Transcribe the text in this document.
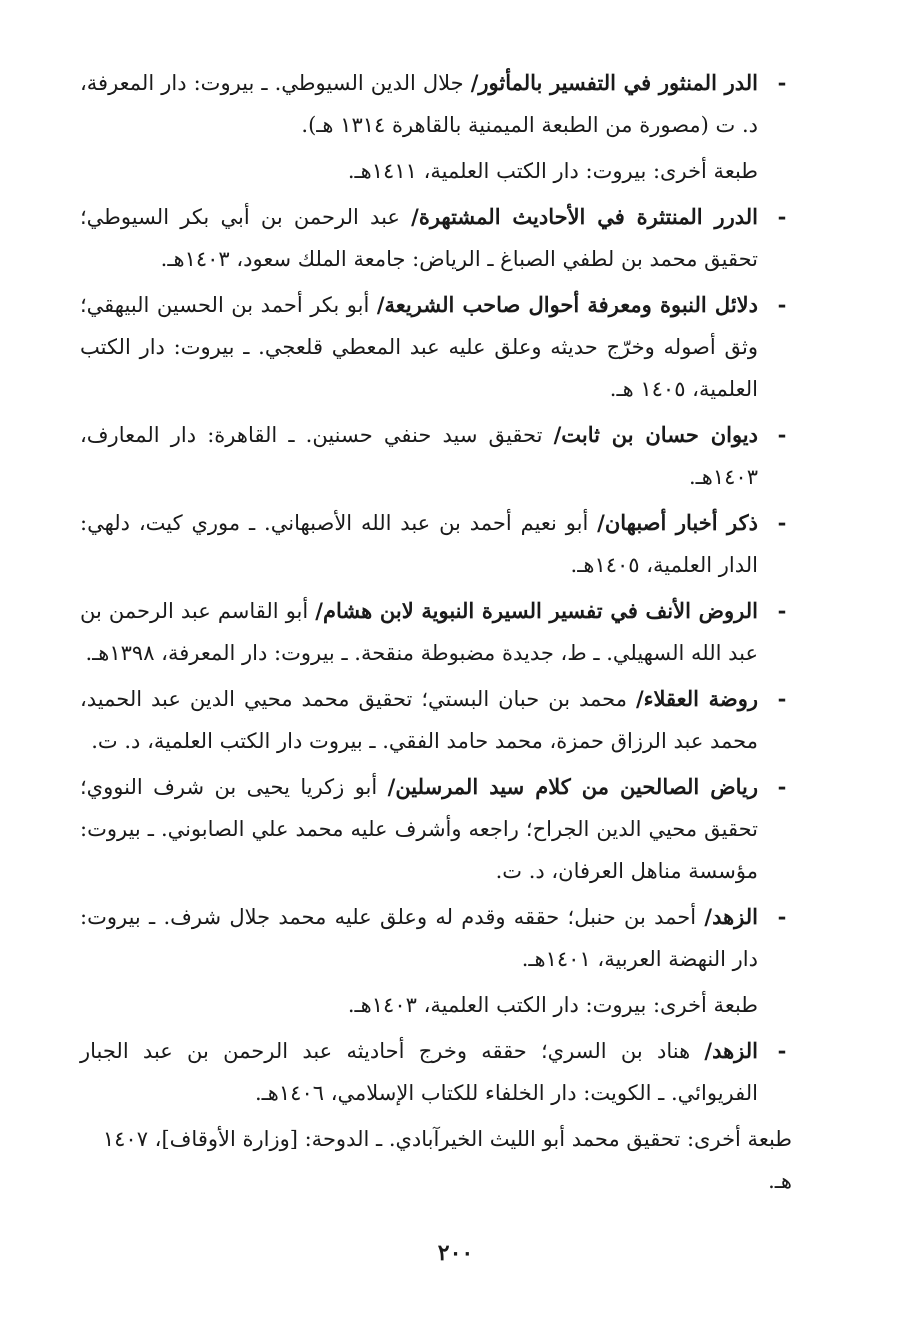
-
الدر المنثور في التفسير بالمأثور/ جلال الدين السيوطي. ـ بيروت: دار المعرفة، د. ت (مصورة من الطبعة الميمنية بالقاهرة ١٣١٤ هـ).
طبعة أخرى: بيروت: دار الكتب العلمية، ١٤١١هـ.
-
الدرر المنتثرة في الأحاديث المشتهرة/ عبد الرحمن بن أبي بكر السيوطي؛ تحقيق محمد بن لطفي الصباغ ـ الرياض: جامعة الملك سعود، ١٤٠٣هـ.
-
دلائل النبوة ومعرفة أحوال صاحب الشريعة/ أبو بكر أحمد بن الحسين البيهقي؛ وثق أصوله وخرّج حديثه وعلق عليه عبد المعطي قلعجي. ـ بيروت: دار الكتب العلمية، ١٤٠٥ هـ.
-
ديوان حسان بن ثابت/ تحقيق سيد حنفي حسنين. ـ القاهرة: دار المعارف، ١٤٠٣هـ.
-
ذكر أخبار أصبهان/ أبو نعيم أحمد بن عبد الله الأصبهاني. ـ موري كيت، دلهي: الدار العلمية، ١٤٠٥هـ.
-
الروض الأنف في تفسير السيرة النبوية لابن هشام/ أبو القاسم عبد الرحمن بن عبد الله السهيلي. ـ ط، جديدة مضبوطة منقحة. ـ بيروت: دار المعرفة، ١٣٩٨هـ.
-
روضة العقلاء/ محمد بن حبان البستي؛ تحقيق محمد محيي الدين عبد الحميد، محمد عبد الرزاق حمزة، محمد حامد الفقي. ـ بيروت دار الكتب العلمية، د. ت.
-
رياض الصالحين من كلام سيد المرسلين/ أبو زكريا يحيى بن شرف النووي؛ تحقيق محيي الدين الجراح؛ راجعه وأشرف عليه محمد علي الصابوني. ـ بيروت: مؤسسة مناهل العرفان، د. ت.
-
الزهد/ أحمد بن حنبل؛ حققه وقدم له وعلق عليه محمد جلال شرف. ـ بيروت: دار النهضة العربية، ١٤٠١هـ.
طبعة أخرى: بيروت: دار الكتب العلمية، ١٤٠٣هـ.
-
الزهد/ هناد بن السري؛ حققه وخرج أحاديثه عبد الرحمن بن عبد الجبار الفريوائي. ـ الكويت: دار الخلفاء للكتاب الإسلامي، ١٤٠٦هـ.
طبعة أخرى: تحقيق محمد أبو الليث الخيرآبادي. ـ الدوحة: [وزارة الأوقاف]، ١٤٠٧ هـ.
٢٠٠
